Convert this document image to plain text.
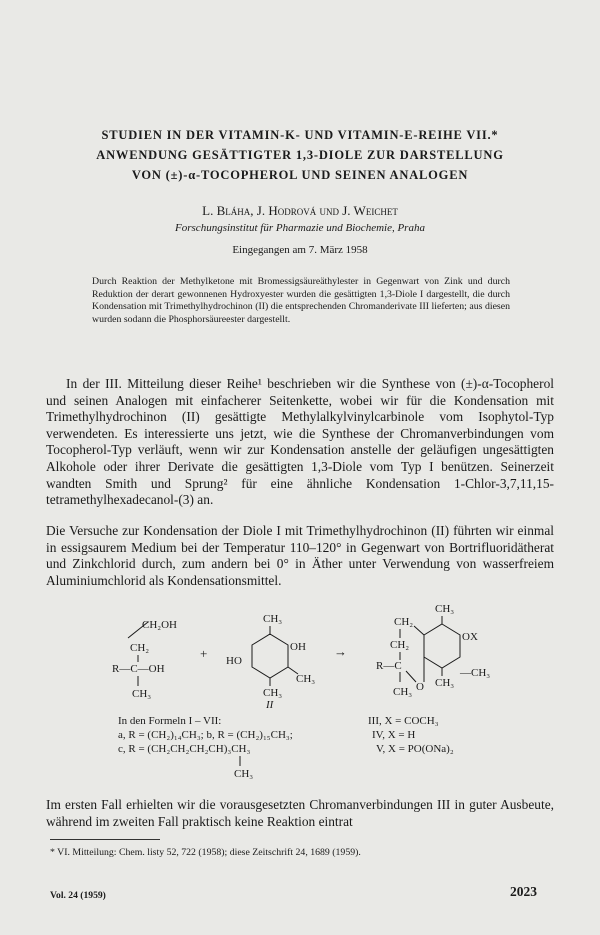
STUDIEN IN DER VITAMIN-K- UND VITAMIN-E-REIHE VII.*
ANWENDUNG GESÄTTIGTER 1,3-DIOLE ZUR DARSTELLUNG
VON (±)-α-TOCOPHEROL UND SEINEN ANALOGEN
L. Bláha, J. Hodrová und J. Weichet
Forschungsinstitut für Pharmazie und Biochemie, Praha
Eingegangen am 7. März 1958
Durch Reaktion der Methylketone mit Bromessigsäureäthylester in Gegenwart von Zink und durch Reduktion der derart gewonnenen Hydroxyester wurden die gesättigten 1,3-Diole I dargestellt, die durch Kondensation mit Trimethylhydrochinon (II) die entsprechenden Chromanderivate III lieferten; aus diesen wurden sodann die Phosphorsäureester dargestellt.
In der III. Mitteilung dieser Reihe¹ beschrieben wir die Synthese von (±)-α-Tocopherol und seinen Analogen mit einfacherer Seitenkette, wobei wir für die Kondensation mit Trimethylhydrochinon (II) gesättigte Methylalkylvinylcarbinole vom Isophytol-Typ verwendeten. Es interessierte uns jetzt, wie die Synthese der Chromanverbindungen vom Tocopherol-Typ verläuft, wenn wir zur Kondensation anstelle der geläufigen ungesättigten Alkohole oder ihrer Derivate die gesättigten 1,3-Diole vom Typ I benützen. Seinerzeit wandten Smith und Sprung² für eine ähnliche Kondensation 1-Chlor-3,7,11,15-tetramethylhexadecanol-(3) an.
Die Versuche zur Kondensation der Diole I mit Trimethylhydrochinon (II) führten wir einmal in essigsaurem Medium bei der Temperatur 110–120° in Gegenwart von Bortrifluoridätherat und Zinkchlorid durch, zum andern bei 0° in Äther unter Verwendung von wasserfreiem Aluminiumchlorid als Kondensationsmittel.
CH₂OH
CH₂
R—C—OH
CH₃
+
CH₃
OH
CH₃
HO
CH₃
II
→
CH₃
OX
—CH₃
CH₃
CH₂
CH₂
R—C
O
CH₃
In den Formeln I – VII:
a, R = (CH₂)₁₄CH₃; b, R = (CH₂)₁₅CH₃;
c, R = (CH₂CH₂CH₂CH)₃CH₃
CH₃
III, X = COCH₃
IV, X = H
V, X = PO(ONa)₂
Im ersten Fall erhielten wir die vorausgesetzten Chromanverbindungen III in guter Ausbeute, während im zweiten Fall praktisch keine Reaktion eintrat
* VI. Mitteilung: Chem. listy 52, 722 (1958); diese Zeitschrift 24, 1689 (1959).
Vol. 24 (1959)	2023
